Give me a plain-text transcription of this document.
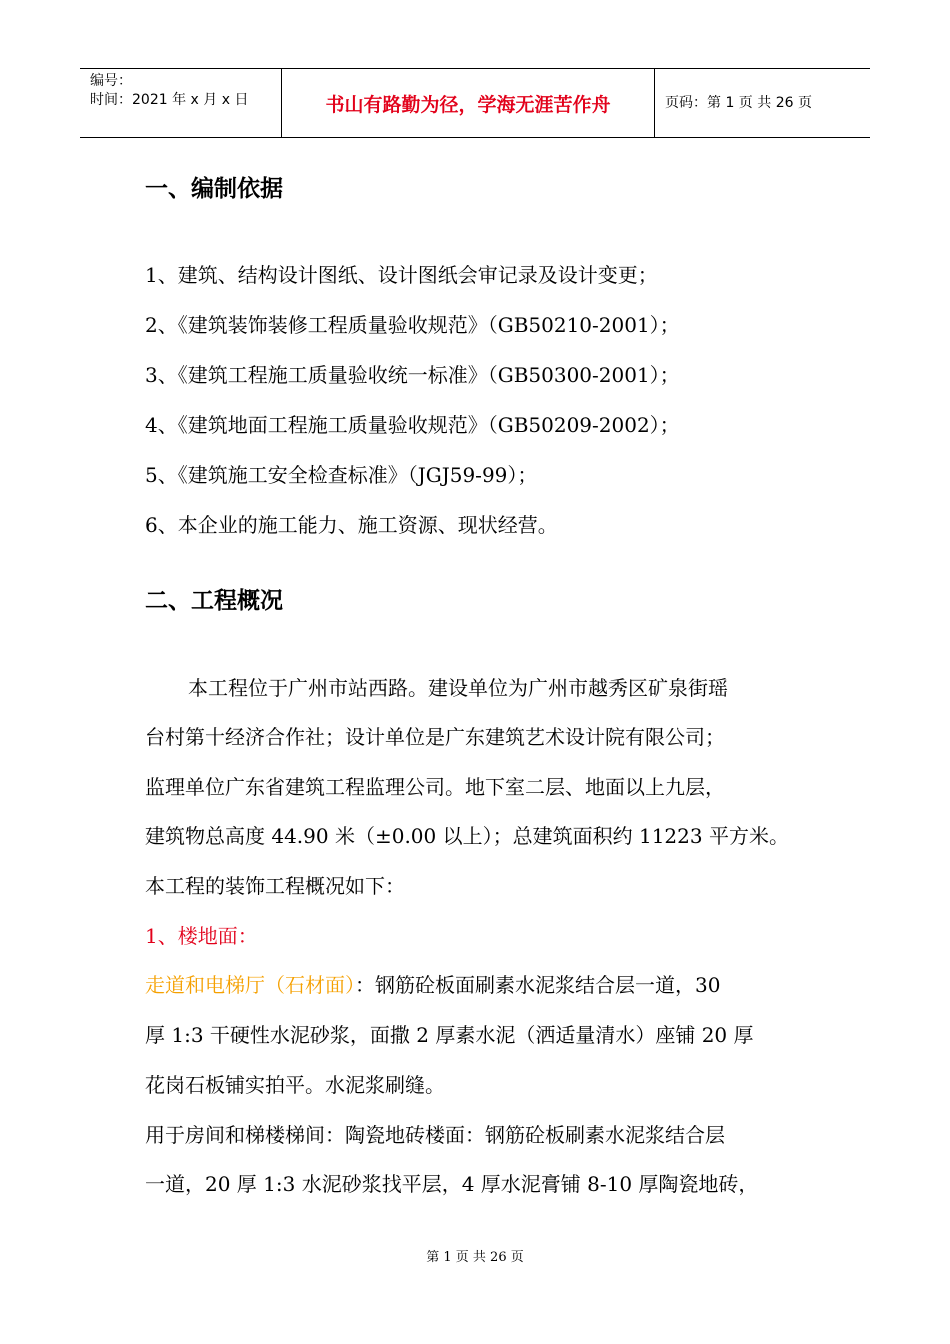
编号：
时间：2021 年 x 月 x 日	书山有路勤为径，学海无涯苦作舟	页码：第 1 页 共 26 页
一、编制依据
1、建筑、结构设计图纸、设计图纸会审记录及设计变更；
2、《建筑装饰装修工程质量验收规范》（GB50210-2001）；
3、《建筑工程施工质量验收统一标准》（GB50300-2001）；
4、《建筑地面工程施工质量验收规范》（GB50209-2002）；
5、《建筑施工安全检查标准》（JGJ59-99）；
6、本企业的施工能力、施工资源、现状经营。
二、工程概况
本工程位于广州市站西路。建设单位为广州市越秀区矿泉街瑶
台村第十经济合作社；设计单位是广东建筑艺术设计院有限公司；
监理单位广东省建筑工程监理公司。地下室二层、地面以上九层，
建筑物总高度 44.90 米（±0.00 以上）；总建筑面积约 11223 平方米。
本工程的装饰工程概况如下：
1、楼地面：
走道和电梯厅（石材面）：钢筋砼板面刷素水泥浆结合层一道，30
厚 1:3 干硬性水泥砂浆，面撒 2 厚素水泥（洒适量清水）座铺 20 厚
花岗石板铺实拍平。水泥浆刷缝。
用于房间和梯楼梯间：陶瓷地砖楼面：钢筋砼板刷素水泥浆结合层
一道，20 厚 1:3 水泥砂浆找平层，4 厚水泥膏铺 8-10 厚陶瓷地砖，
第 1 页 共 26 页
